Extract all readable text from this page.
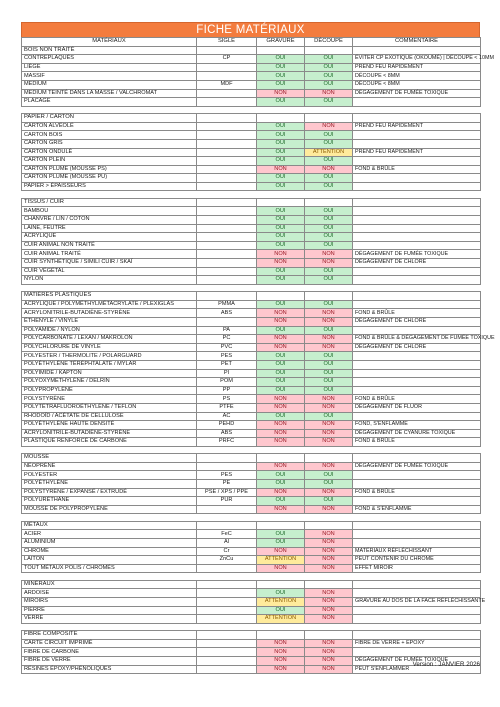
FICHE MATÉRIAUX
MATÉRIAUX	SIGLE	GRAVURE	DÉCOUPE	COMMENTAIRE
BOIS NON TRAITÉ				
CONTREPLAQUÉS	CP	OUI	OUI	ÉVITER CP EXOTIQUE (OKOUMÉ) | DÉCOUPE < 10MM
LIÈGE		OUI	OUI	PREND FEU RAPIDEMENT
MASSIF		OUI	OUI	DÉCOUPE < 8MM
MEDIUM	MDF	OUI	OUI	DÉCOUPE < 8MM
MEDIUM TEINTÉ DANS LA MASSE / VALCHROMAT		NON	NON	DÉGAGEMENT DE FUMÉE TOXIQUE
PLACAGE		OUI	OUI	

PAPIER / CARTON				
CARTON ALVÉOLÉ		OUI	NON	PREND FEU RAPIDEMENT
CARTON BOIS		OUI	OUI	
CARTON GRIS		OUI	OUI	
CARTON ONDULÉ		OUI	ATTENTION	PREND FEU RAPIDEMENT
CARTON PLEIN		OUI	OUI	
CARTON PLUME (MOUSSE PS)		NON	NON	FOND & BRÛLE
CARTON PLUME (MOUSSE PU)		OUI	OUI	
PAPIER > ÉPAISSEURS		OUI	OUI	

TISSUS / CUIR				
BAMBOU		OUI	OUI	
CHANVRE / LIN / COTON		OUI	OUI	
LAINE, FEUTRE		OUI	OUI	
ACRYLIQUE		OUI	OUI	
CUIR ANIMAL NON TRAITÉ		OUI	OUI	
CUIR ANIMAL TRAITÉ		NON	NON	DÉGAGEMENT DE FUMÉE TOXIQUE
CUIR SYNTHÉTIQUE / SIMILI CUIR / SKAÏ		NON	NON	DÉGAGEMENT DE CHLORE
CUIR VÉGÉTAL		OUI	OUI	
NYLON		OUI	OUI	

MATIÈRES PLASTIQUES				
ACRYLIQUE / POLYMÉTHYLMÉTACRYLATE / PLEXIGLAS	PMMA	OUI	OUI	
ACRYLONITRILE-BUTADIÈNE-STYRÈNE	ABS	NON	NON	FOND & BRÛLE
ÉTHENYLE / VINYLE		NON	NON	DÉGAGEMENT DE CHLORE
POLYAMIDE / NYLON	PA	OUI	OUI	
POLYCARBONATE / LEXAN / MAKROLON	PC	NON	NON	FOND & BRÛLE & DÉGAGEMENT DE FUMÉE TOXIQUE
POLYCHLORURE DE VINYLE	PVC	NON	NON	DÉGAGEMENT DE CHLORE
POLYESTER / THERMOLITE / POLARGUARD	PES	OUI	OUI	
POLYÉTHYLÈNE TÉRÉPHTALATE / MYLAR	PET	OUI	OUI	
POLYIMIDE / KAPTON	PI	OUI	OUI	
POLYOXYMÉTHYLÈNE / DELRIN	POM	OUI	OUI	
POLYPROPYLÈNE	PP	OUI	OUI	
POLYSTYRÈNE	PS	NON	NON	FOND & BRÛLE
POLYTÉTRAFLUOROÉTHYLÈNE / TEFLON	PTFE	NON	NON	DÉGAGEMENT DE FLUOR
RHODOÏD / ACÉTATE DE CELLULOSE	AC	OUI	OUI	
POLYÉTHYLÈNE HAUTE DENSITÉ	PEHD	NON	NON	FOND, S'ENFLAMME
ACRYLONITRILE-BUTADIÈNE-STYRÈNE	ABS	NON	NON	DÉGAGEMENT DE CYANURE TOXIQUE
PLASTIQUE RENFORCÉ DE CARBONE	PRFC	NON	NON	FOND & BRÛLE

MOUSSE				
NÉOPRÈNE		NON	NON	DÉGAGEMENT DE FUMÉE TOXIQUE
POLYESTER	PES	OUI	OUI	
POLYÉTHYLÈNE	PE	OUI	OUI	
POLYSTYRÈNE / EXPANSÉ / EXTRUDÉ	PSE / XPS / PPE	NON	NON	FOND & BRÛLE
POLYURÉTHANE	PUR	OUI	OUI	
MOUSSE DE POLYPROPYLÈNE		NON	NON	FOND & S'ENFLAMME

MÉTAUX				
ACIER	FeC	OUI	NON	
ALUMINIUM	Al	OUI	NON	
CHROME	Cr	NON	NON	MATÉRIAUX RÉFLÉCHISSANT
LAITON	ZnCu	ATTENTION	NON	PEUT CONTENIR DU CHROME
TOUT MÉTAUX POLIS / CHROMÉS		NON	NON	EFFET MIROIR

MINÉRAUX				
ARDOISE		OUI	NON	
MIROIRS		ATTENTION	NON	GRAVURE AU DOS DE LA FACE RÉFLÉCHISSANTE
PIERRE		OUI	NON	
VERRE		ATTENTION	NON	

FIBRE COMPOSITE				
CARTE CIRCUIT IMPRIMÉ		NON	NON	FIBRE DE VERRE + EPOXY
FIBRE DE CARBONE		NON	NON	
FIBRE DE VERRE		NON	NON	DÉGAGEMENT DE FUMÉE TOXIQUE
RÉSINES ÉPOXY/PHÉNOLIQUES		NON	NON	PEUT S'ENFLAMMER
Version : JANVIER 2026
